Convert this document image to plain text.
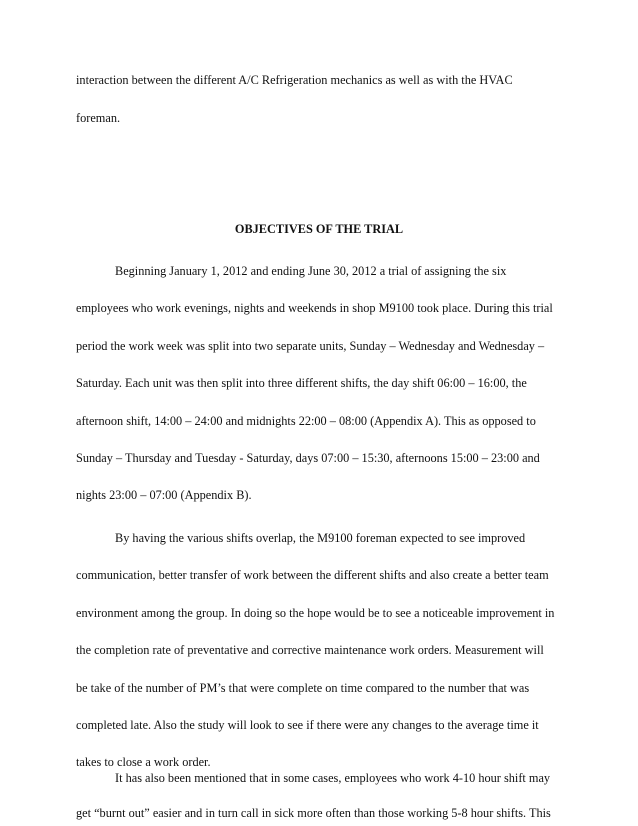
interaction between the different A/C Refrigeration mechanics as well as with the HVAC
foreman.
OBJECTIVES OF THE TRIAL
Beginning January 1, 2012 and ending June 30, 2012 a trial of assigning the six
employees who work evenings, nights and weekends in shop M9100 took place. During this trial
period the work week was split into two separate units, Sunday – Wednesday and Wednesday –
Saturday. Each unit was then split into three different shifts, the day shift 06:00 – 16:00, the
afternoon shift, 14:00 – 24:00 and midnights 22:00 – 08:00 (Appendix A). This as opposed to
Sunday – Thursday and Tuesday - Saturday, days 07:00 – 15:30, afternoons 15:00 – 23:00 and
nights 23:00 – 07:00 (Appendix B).
By having the various shifts overlap, the M9100 foreman expected to see improved
communication, better transfer of work between the different shifts and also create a better team
environment among the group. In doing so the hope would be to see a noticeable improvement in
the completion rate of preventative and corrective maintenance work orders. Measurement will
be take of the number of PM’s that were complete on time compared to the number that was
completed late. Also the study will look to see if there were any changes to the average time it
takes to close a work order.
It has also been mentioned that in some cases, employees who work 4-10 hour shift may
get “burnt out” easier and in turn call in sick more often than those working 5-8 hour shifts. This
